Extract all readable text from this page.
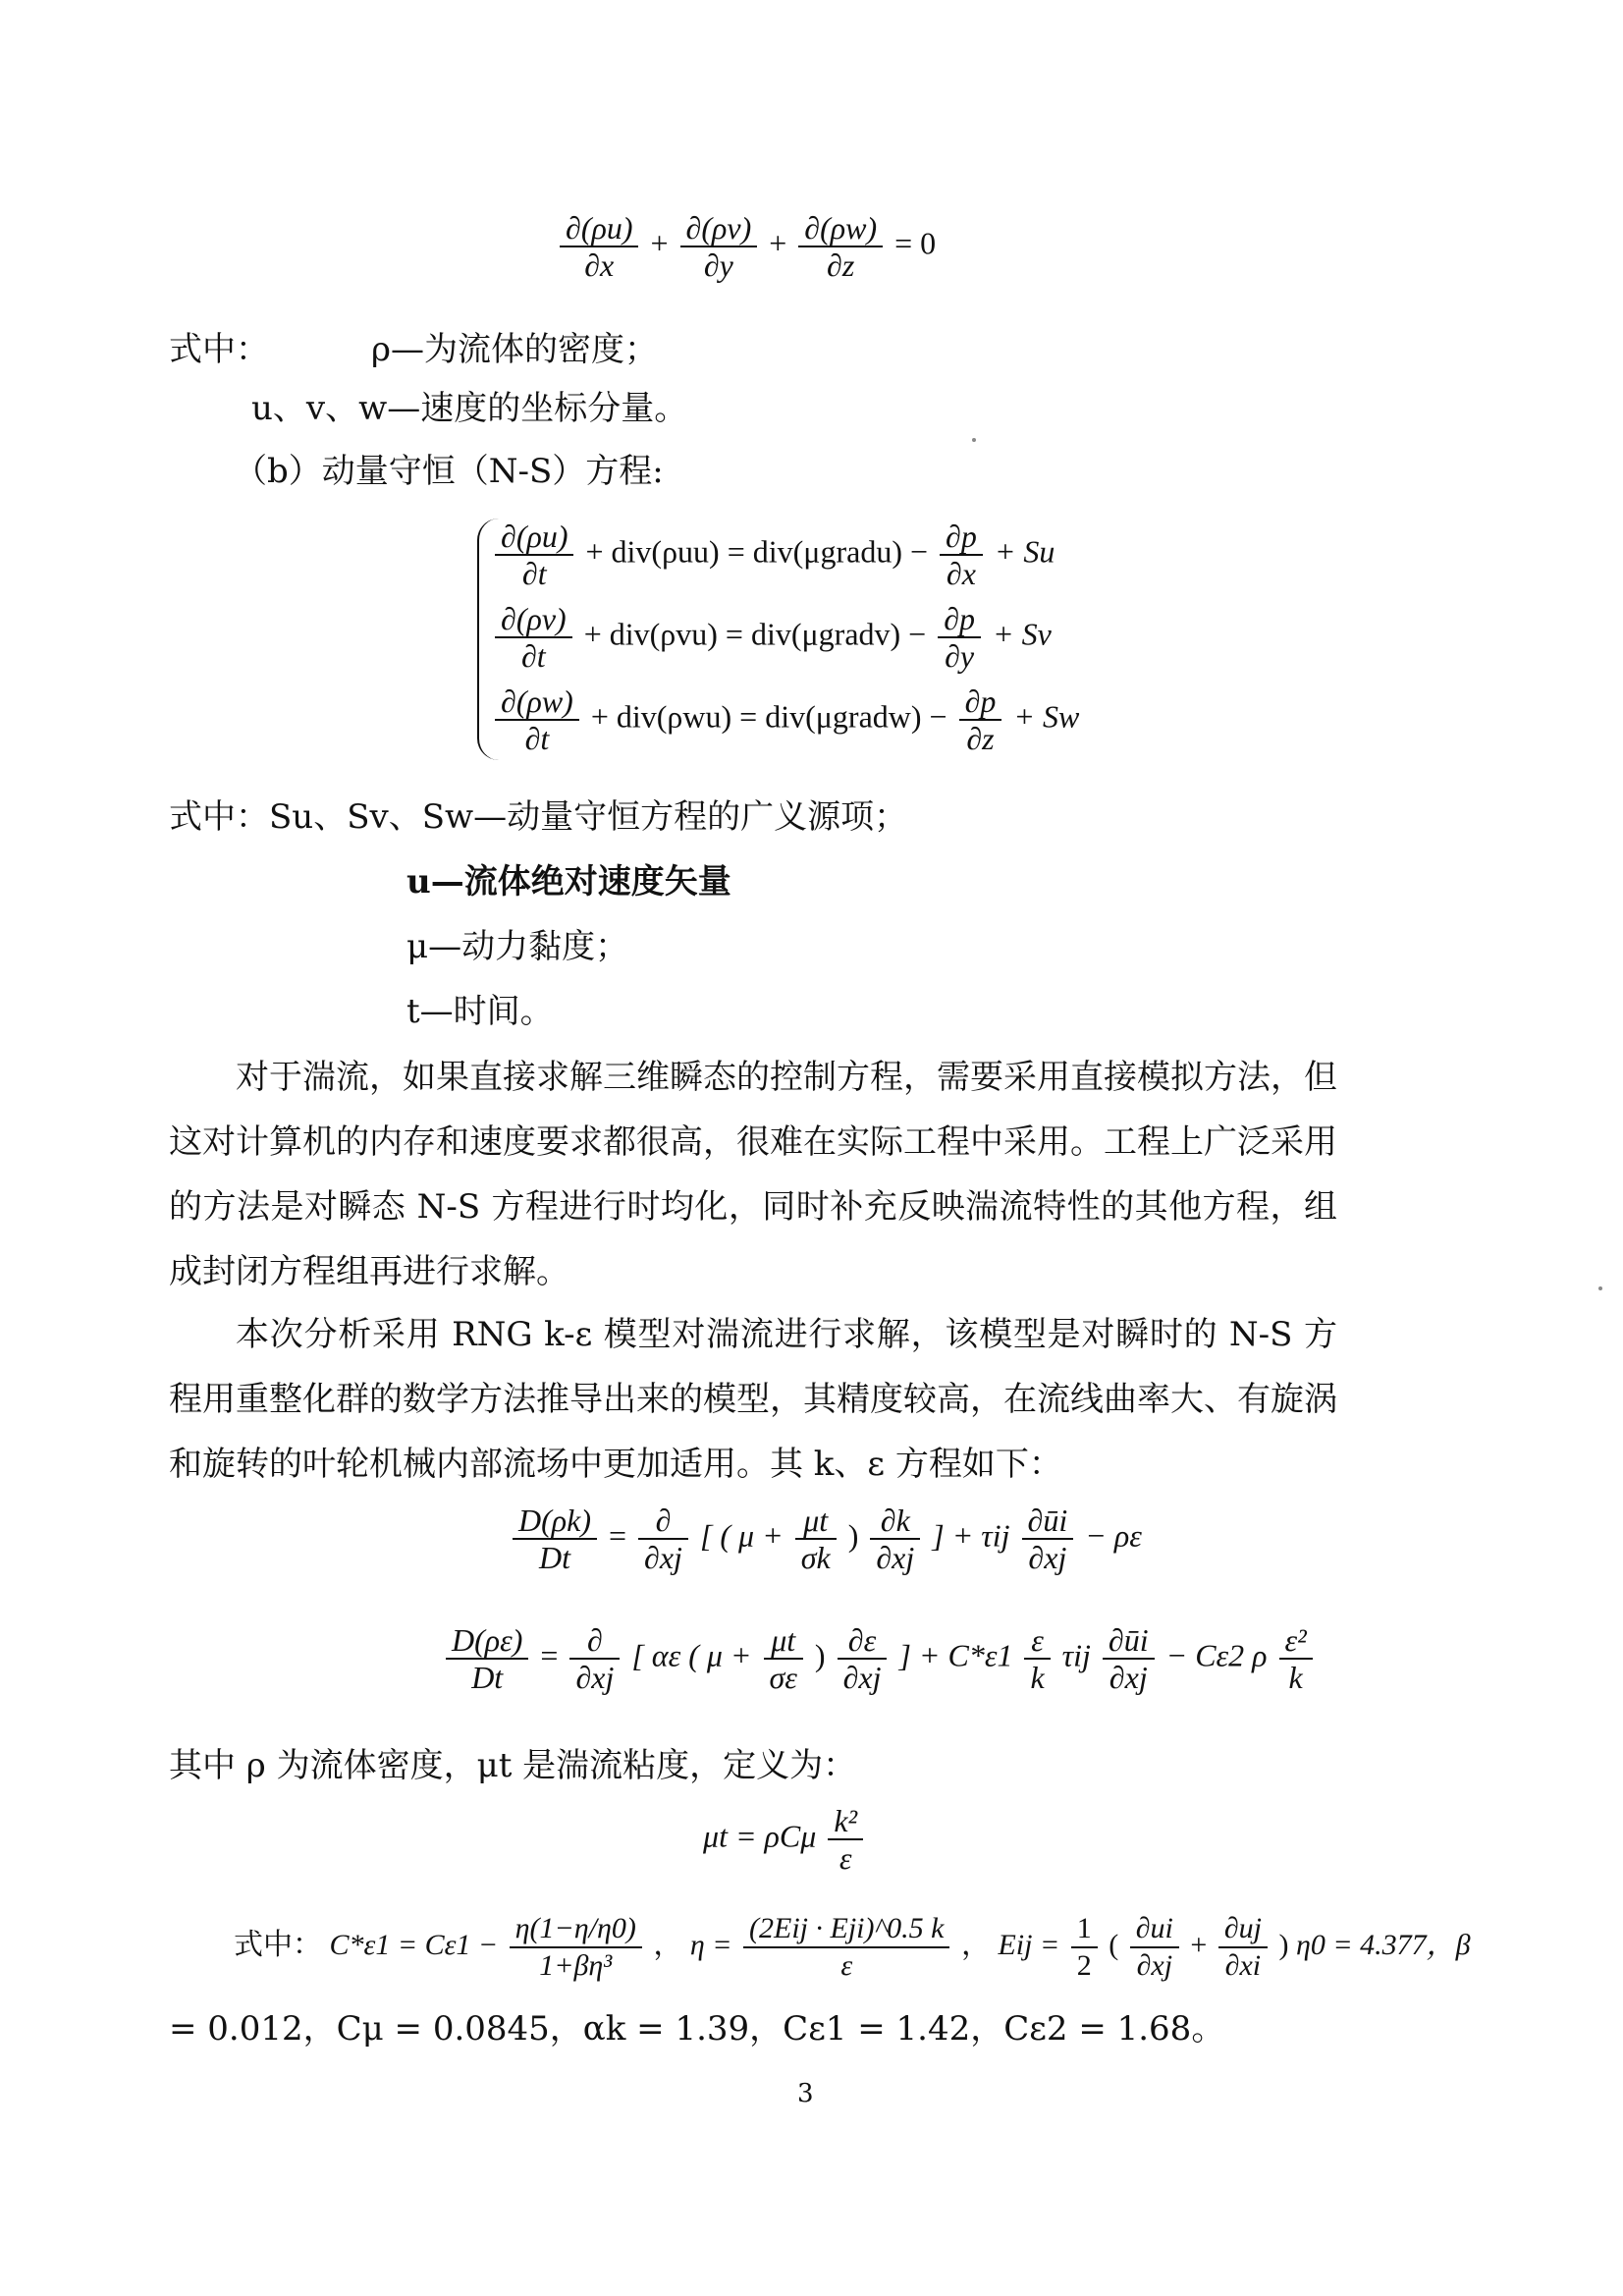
$\frac{\partial(\rho u)}{\partial x} + \frac{\partial(\rho v)}{\partial y} + \frac{\partial(\rho w)}{\partial z} = 0$
式中：	ρ—为流体的密度；
u、v、w—速度的坐标分量。
（b）动量守恒（N-S）方程:
$\frac{\partial(\rho u)}{\partial t} + div(\rho uu)$ = div(μgradu) − $\frac{\partial p}{\partial x} + Su$
$\frac{\partial(\rho v)}{\partial t} + div(\rho vu)$ = div(μgradv) − $\frac{\partial p}{\partial y} + Sv$
$\frac{\partial(\rho w)}{\partial t} + div(\rho wu)$ = div(μgradw) − $\frac{\partial p}{\partial z} + Sw$
式中：Su、Sv、Sw—动量守恒方程的广义源项；
u—流体绝对速度矢量
μ—动力黏度；
t—时间。
对于湍流，如果直接求解三维瞬态的控制方程，需要采用直接模拟方法，但这对计算机的内存和速度要求都很高，很难在实际工程中采用。工程上广泛采用的方法是对瞬态 N-S 方程进行时均化，同时补充反映湍流特性的其他方程，组成封闭方程组再进行求解。
本次分析采用 RNG k-ε 模型对湍流进行求解，该模型是对瞬时的 N-S 方程用重整化群的数学方法推导出来的模型，其精度较高，在流线曲率大、有旋涡和旋转的叶轮机械内部流场中更加适用。其 k、ε 方程如下：
$\frac{D(\rho k)}{Dt} = \frac{\partial}{\partial xj}$ [ ( $\mu + \frac{\mu t}{\sigma k}$ ) $\frac{\partial k}{\partial xj}$ ] + τij $\frac{\partial ūi}{\partial xj} - \rho\varepsilon$
$\frac{D(\rho\varepsilon)}{Dt} = \frac{\partial}{\partial xj}$ [ αε ( $\mu + \frac{\mu t}{\sigma\varepsilon}$ ) $\frac{\partial\varepsilon}{\partial xj}$ ] + $C*\varepsilon 1 \frac{\varepsilon}{k}$ τij $\frac{\partial ūi}{\partial xj} - C\varepsilon 2$ ρ $\frac{\text{ε²}}{k}$
其中 ρ 为流体密度，μt 是湍流粘度，定义为：
μt = ρCμ $\frac{\text{k²}}{\varepsilon}$
式中： $C*\varepsilon 1 = C\varepsilon 1 - \frac{\eta(1-\eta/\eta 0)}{\text{1+βη³}}$ ， $\eta = \frac{\text{(2Eij · Eji)\textasciicircum{}0.5 k}}{\varepsilon}$ ， Eij = $\frac{1}{2}$ ( $\frac{\partial ui}{\partial xj} + \frac{\partial uj}{\partial xi}$ ) η0 = 4.377，β
= 0.012，Cμ = 0.0845，αk = 1.39，Cε1 = 1.42，Cε2 = 1.68。
3
